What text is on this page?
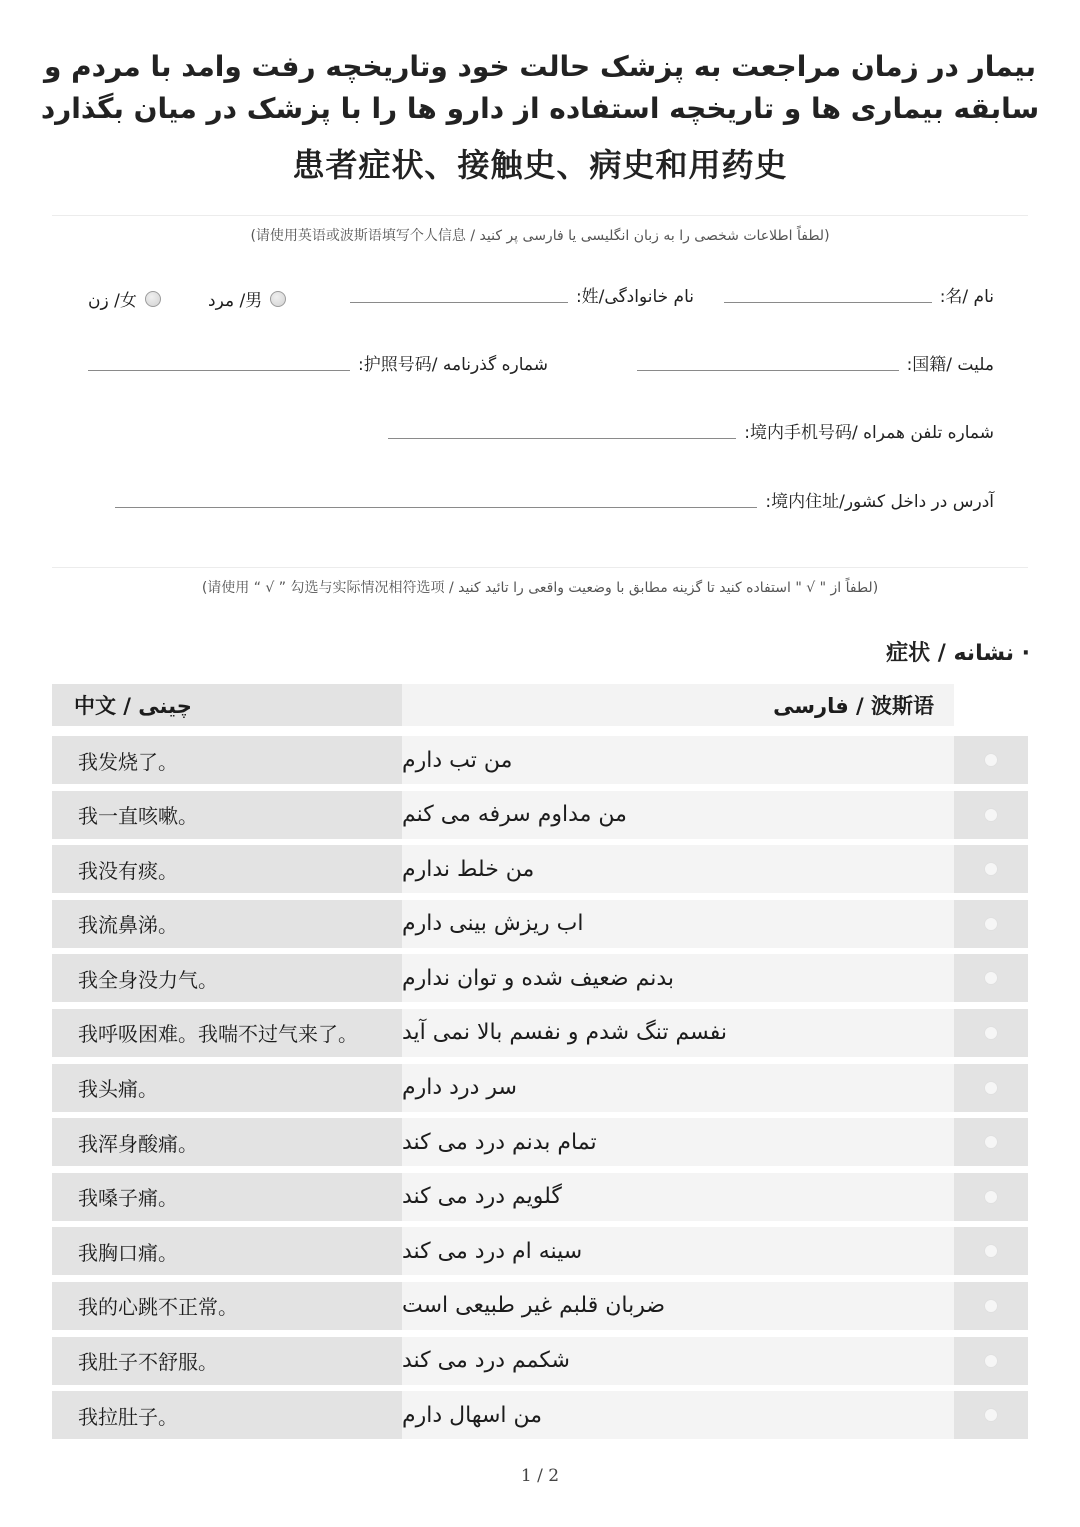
بیمار در زمان مراجعت به پزشک حالت خود وتاریخچه رفت وامد با مردم و
سابقه بیماری ها و تاریخچه استفاده از دارو ها را با پزشک در میان بگذارد
患者症状、接触史、病史和用药史
(请使用英语或波斯语填写个人信息 / لطفاً اطلاعات شخصی را به زبان انگلیسی یا فارسی پر کنید)
نام /名:
نام خانوادگی/姓:
مرد /男
زن /女
ملیت /国籍:
شماره گذرنامه /护照号码:
شماره تلفن همراه /境内手机号码:
آدرس در داخل کشور/境内住址:
(请使用 “ √ ” 勾选与实际情况相符选项 / لطفاً از " √ " استفاده کنید تا گزینه مطابق با وضعیت واقعی را تائید کنید)
· نشانه / 症状
中文 / چینی	فارسی / 波斯语
我发烧了。	من تب دارم
我一直咳嗽。	من مداوم سرفه می کنم
我没有痰。	من خلط ندارم
我流鼻涕。	اب ریزش بینی دارم
我全身没力气。	بدنم ضعیف شده و توان ندارم
我呼吸困难。我喘不过气来了。	نفسم تنگ شدم و نفسم بالا نمی آید
我头痛。	سر درد دارم
我浑身酸痛。	تمام بدنم درد می کند
我嗓子痛。	گلویم درد می کند
我胸口痛。	سینه ام درد می کند
我的心跳不正常。	ضربان قلبم غیر طبیعی است
我肚子不舒服。	شکمم درد می کند
我拉肚子。	من اسهال دارم
1 / 2
